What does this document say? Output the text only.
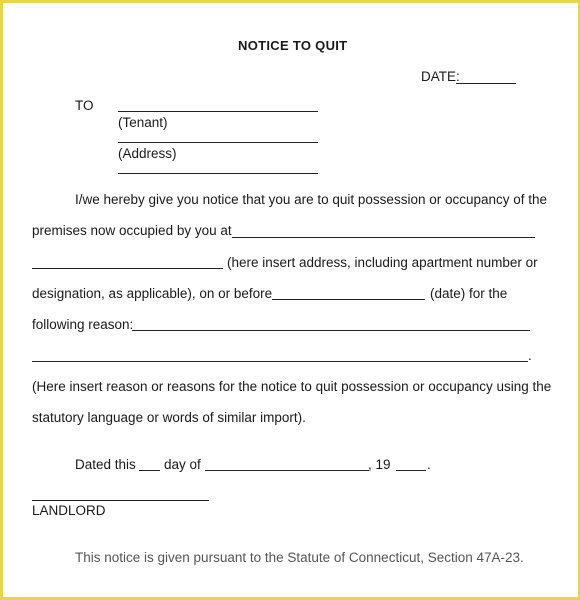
NOTICE TO QUIT
DATE:
TO
(Tenant)
(Address)
I/we hereby give you notice that you are to quit possession or occupancy of the
premises now occupied by you at
(here insert address, including apartment number or
designation, as applicable), on or before	(date) for the
following reason:
.
(Here insert reason or reasons for the notice to quit possession or occupancy using the
statutory language or words of similar import).
Dated this day of	, 19	.
LANDLORD
This notice is given pursuant to the Statute of Connecticut, Section 47A-23.
